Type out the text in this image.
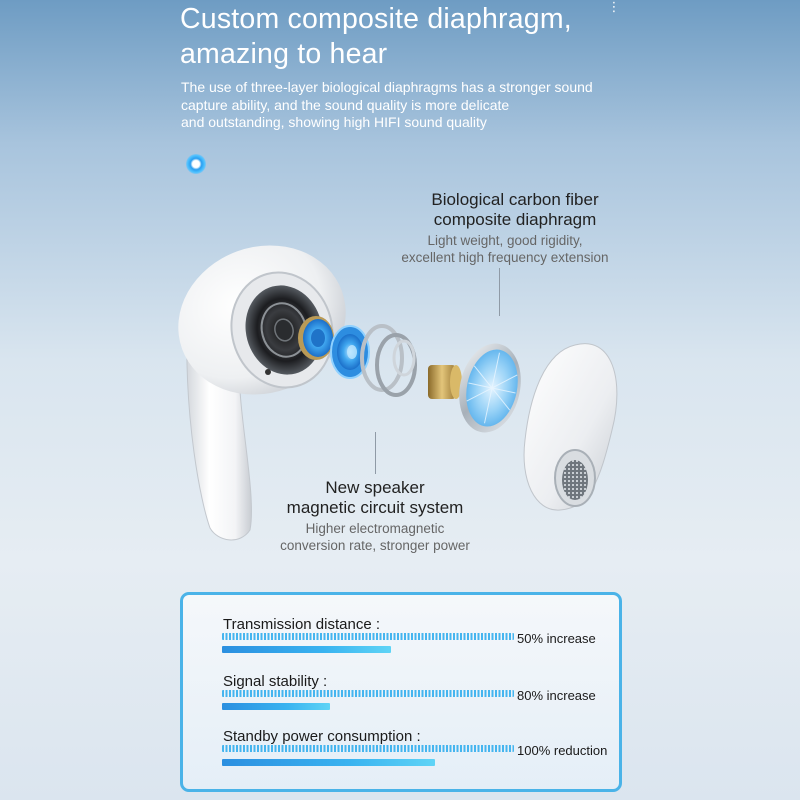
Custom composite diaphragm,
amazing to hear
⋮
The use of three-layer biological diaphragms has a stronger sound
capture ability, and the sound quality is more delicate
and outstanding, showing high HIFI sound quality
Biological carbon fiber
composite diaphragm
Light weight, good rigidity,
excellent high frequency extension
New speaker
magnetic circuit system
Higher electromagnetic
conversion rate, stronger power
Transmission distance :
50% increase
Signal stability :
80% increase
Standby power consumption :
100% reduction
